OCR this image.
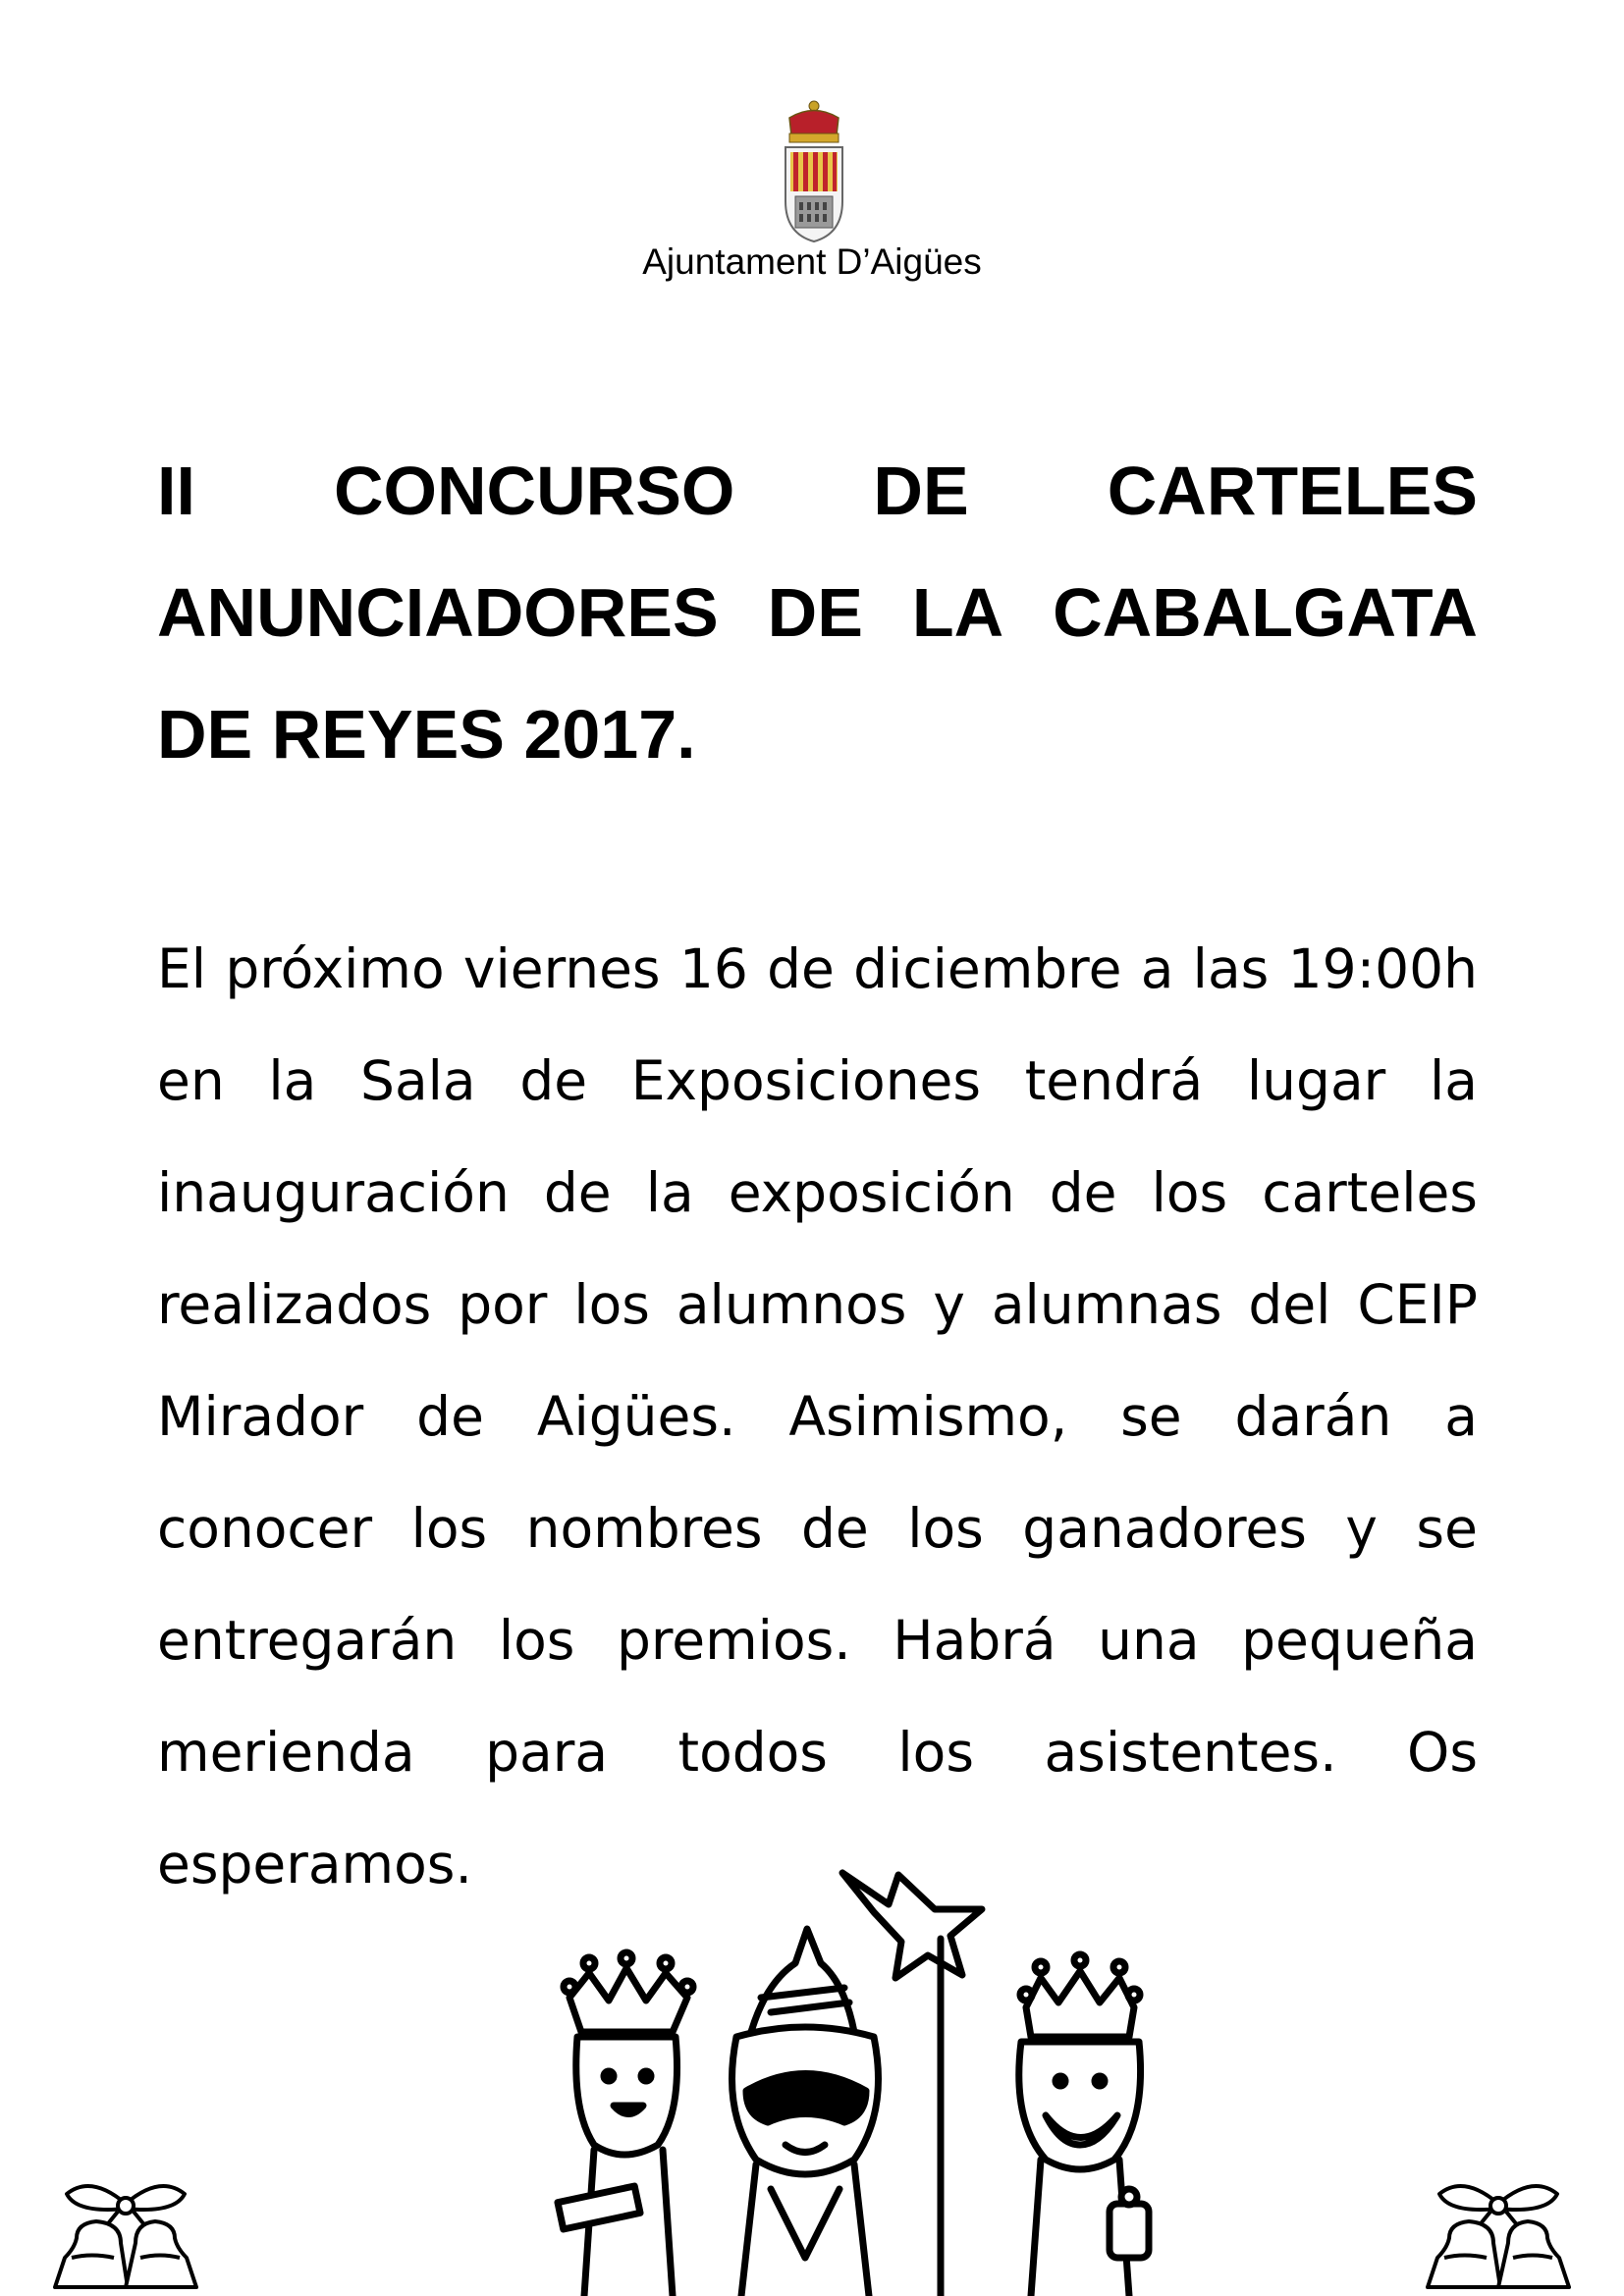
Ajuntament D’Aigües
II CONCURSO DE CARTELES
ANUNCIADORES DE LA CABALGATA
DE REYES 2017.
El próximo viernes 16 de diciembre a las 19:00h
en la Sala de Exposiciones tendrá lugar la
inauguración de la exposición de los carteles
realizados por los alumnos y alumnas del CEIP
Mirador de Aigües. Asimismo, se darán a
conocer los nombres de los ganadores y se
entregarán los premios. Habrá una pequeña
merienda para todos los asistentes. Os
esperamos.
